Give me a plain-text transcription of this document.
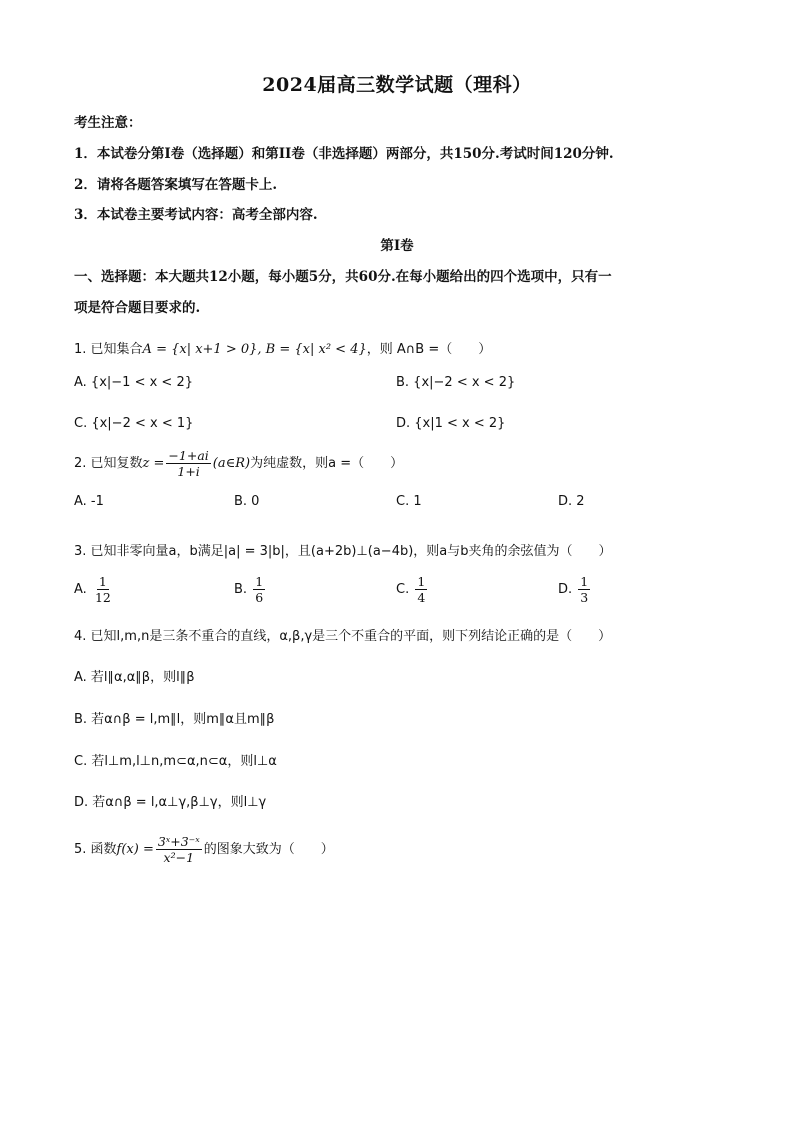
2024届高三数学试题（理科）
考生注意：
1．本试卷分第I卷（选择题）和第II卷（非选择题）两部分，共150分.考试时间120分钟.
2．请将各题答案填写在答题卡上.
3．本试卷主要考试内容：高考全部内容.
第I卷
一、选择题：本大题共12小题，每小题5分，共60分.在每小题给出的四个选项中，只有一
项是符合题目要求的.
1. 已知集合A = {x| x+1 > 0}, B = {x| x² < 4}，则 A∩B =（　　）
A. {x|−1 < x < 2}	B. {x|−2 < x < 2}
C. {x|−2 < x < 1}	D. {x|1 < x < 2}
2. 已知复数$z = \frac{-1+ai}{1+i}$ (a∈R)为纯虚数，则a =（　　）
A. -1	B. 0	C. 1	D. 2
3. 已知非零向量a，b满足|a| = 3|b|，且(a+2b)⊥(a−4b)，则a与b夹角的余弦值为（　　）
A. $\frac{1}{12}$	B. $\frac{1}{6}$	C. $\frac{1}{4}$	D. $\frac{1}{3}$
4. 已知l,m,n是三条不重合的直线，α,β,γ是三个不重合的平面，则下列结论正确的是（　　）
A. 若l∥α,α∥β，则l∥β
B. 若α∩β = l,m∥l，则m∥α且m∥β
C. 若l⊥m,l⊥n,m⊂α,n⊂α，则l⊥α
D. 若α∩β = l,α⊥γ,β⊥γ，则l⊥γ
5. 函数$f(x) = \frac{\text{3ˣ+3⁻ˣ}}{\text{x²−1}}$ 的图象大致为（　　）
